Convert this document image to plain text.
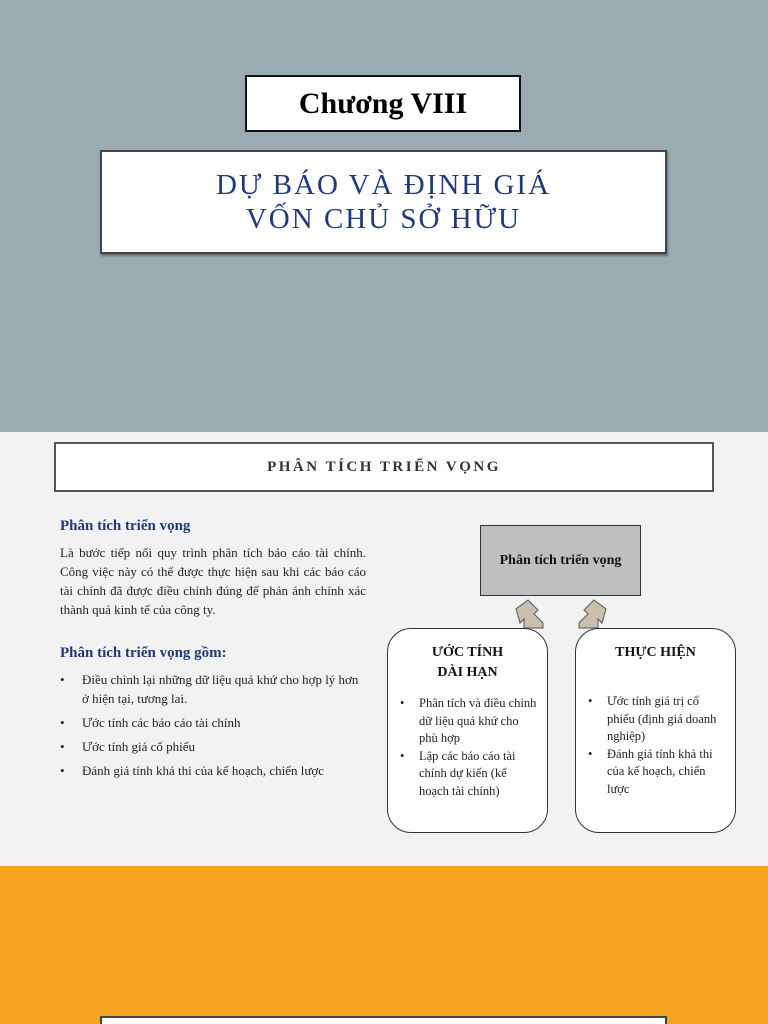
Chương VIII
DỰ BÁO VÀ ĐỊNH GIÁ
VỐN CHỦ SỞ HỮU
PHÂN TÍCH TRIỂN VỌNG

Phân tích triển vọng

Là bước tiếp nối quy trình phân tích báo cáo tài chính. Công việc này có thể được thực hiện sau khi các báo cáo tài chính đã được điều chỉnh đúng để phản ánh chính xác thành quả kinh tế của công ty.

Phân tích triển vọng gồm:

• Điều chỉnh lại những dữ liệu quá khứ cho hợp lý hơn ở hiện tại, tương lai.
• Ước tính các báo cáo tài chính
• Ước tính giá cổ phiếu
• Đánh giá tính khả thi của kế hoạch, chiến lược
Phân tích triển vọng
ƯỚC TÍNH
DÀI HẠN
• Phân tích và điều chỉnh dữ liệu quá khứ cho phù hợp
• Lập các báo cáo tài chính dự kiến (kế hoạch tài chính)
THỰC HIỆN
• Ước tính giá trị cổ phiếu (định giá doanh nghiệp)
• Đánh giá tính khả thi của kế hoạch, chiến lược
